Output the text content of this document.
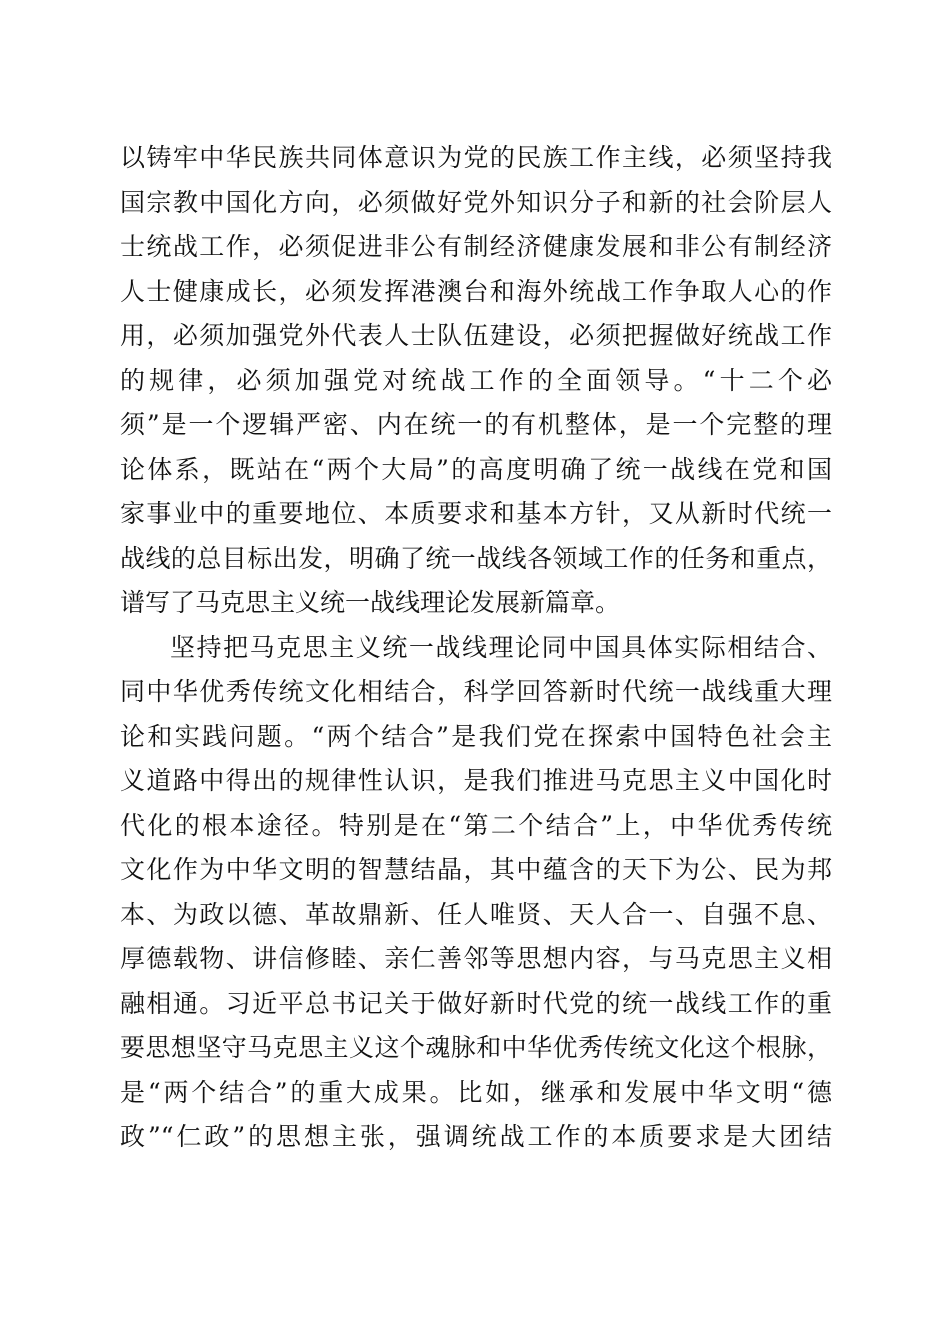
以铸牢中华民族共同体意识为党的民族工作主线，必须坚持我
国宗教中国化方向，必须做好党外知识分子和新的社会阶层人
士统战工作，必须促进非公有制经济健康发展和非公有制经济
人士健康成长，必须发挥港澳台和海外统战工作争取人心的作
用，必须加强党外代表人士队伍建设，必须把握做好统战工作
的规律，必须加强党对统战工作的全面领导。“十二个必
须”是一个逻辑严密、内在统一的有机整体，是一个完整的理
论体系，既站在“两个大局”的高度明确了统一战线在党和国
家事业中的重要地位、本质要求和基本方针，又从新时代统一
战线的总目标出发，明确了统一战线各领域工作的任务和重点，
谱写了马克思主义统一战线理论发展新篇章。
坚持把马克思主义统一战线理论同中国具体实际相结合、
同中华优秀传统文化相结合，科学回答新时代统一战线重大理
论和实践问题。“两个结合”是我们党在探索中国特色社会主
义道路中得出的规律性认识，是我们推进马克思主义中国化时
代化的根本途径。特别是在“第二个结合”上，中华优秀传统
文化作为中华文明的智慧结晶，其中蕴含的天下为公、民为邦
本、为政以德、革故鼎新、任人唯贤、天人合一、自强不息、
厚德载物、讲信修睦、亲仁善邻等思想内容，与马克思主义相
融相通。习近平总书记关于做好新时代党的统一战线工作的重
要思想坚守马克思主义这个魂脉和中华优秀传统文化这个根脉，
是“两个结合”的重大成果。比如，继承和发展中华文明“德
政”“仁政”的思想主张，强调统战工作的本质要求是大团结
